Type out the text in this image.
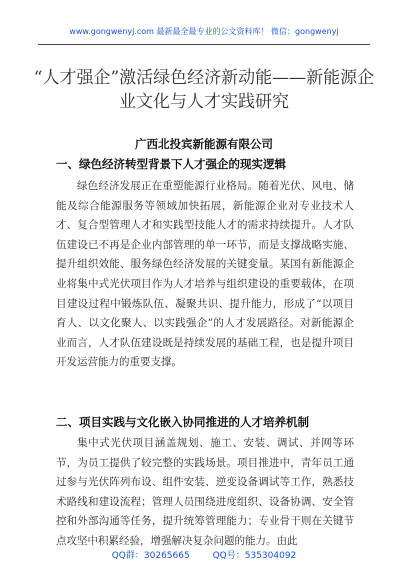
www.gongwenyj.com 最新最全最专业的公文资料库！ 微信：gongwenyj
“人才强企”激活绿色经济新动能——新能源企业文化与人才实践研究
广西北投宾新能源有限公司
一、绿色经济转型背景下人才强企的现实逻辑
绿色经济发展正在重塑能源行业格局。随着光伏、风电、储能及综合能源服务等领域加快拓展，新能源企业对专业技术人才、复合型管理人才和实践型技能人才的需求持续提升。人才队伍建设已不再是企业内部管理的单一环节，而是支撑战略实施、提升组织效能、服务绿色经济发展的关键变量。某国有新能源企业将集中式光伏项目作为人才培养与组织建设的重要载体，在项目建设过程中锻炼队伍、凝聚共识、提升能力，形成了“以项目育人、以文化聚人、以实践强企”的人才发展路径。对新能源企业而言，人才队伍建设既是持续发展的基础工程，也是提升项目开发运营能力的重要支撑。
二、项目实践与文化嵌入协同推进的人才培养机制
集中式光伏项目涵盖规划、施工、安装、调试、并网等环节，为员工提供了较完整的实践场景。项目推进中，青年员工通过参与光伏阵列布设、组件安装、逆变设备调试等工作，熟悉技术路线和建设流程；管理人员围绕进度组织、设备协调、安全管控和外部沟通等任务，提升统筹管理能力；专业骨干则在关键节点攻坚中积累经验，增强解决复杂问题的能力。由此
QQ群：30265665	QQ号：535304092
